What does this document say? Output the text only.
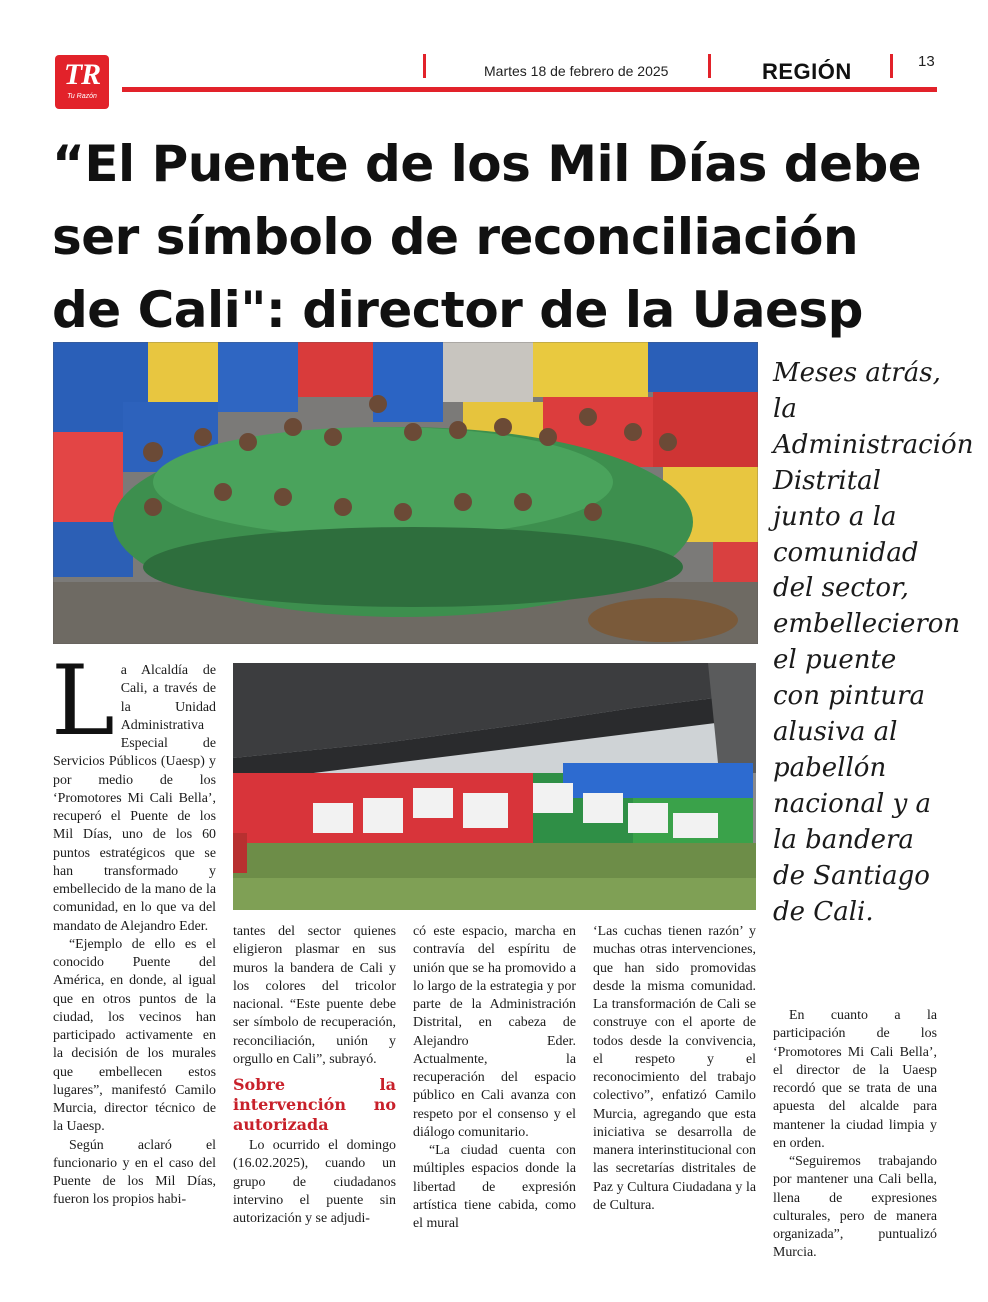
TR
Tu Razón
Martes 18 de febrero de 2025	REGIÓN	13
“El Puente de los Mil Días debe
ser símbolo de reconciliación
de Cali": director de la Uaesp

Meses atrás, la Administración Distrital junto a la comunidad del sector, embellecieron el puente con pintura alusiva al pabellón nacional y a la bandera de Santiago de Cali.

La Alcaldía de Cali, a través de la Unidad Administrativa Especial de Servicios Públicos (Uaesp) y por medio de los ‘Promotores Mi Cali Bella’, recuperó el Puente de los Mil Días, uno de los 60 puntos estratégicos que se han transformado y embellecido de la mano de la comunidad, en lo que va del mandato de Alejandro Eder.

“Ejemplo de ello es el conocido Puente del América, en donde, al igual que en otros puntos de la ciudad, los vecinos han participado activamente en la decisión de los murales que embellecen estos lugares”, manifestó Camilo Murcia, director técnico de la Uaesp.

Según aclaró el funcionario y en el caso del Puente de los Mil Días, fueron los propios habi-

tantes del sector quienes eligieron plasmar en sus muros la bandera de Cali y los colores del tricolor nacional. “Este puente debe ser símbolo de recuperación, reconciliación, unión y orgullo en Cali”, subrayó.

Sobre la intervención no autorizada

Lo ocurrido el domingo (16.02.2025), cuando un grupo de ciudadanos intervino el puente sin autorización y se adjudi-

có este espacio, marcha en contravía del espíritu de unión que se ha promovido a lo largo de la estrategia y por parte de la Administración Distrital, en cabeza de Alejandro Eder. Actualmente, la recuperación del espacio público en Cali avanza con respeto por el consenso y el diálogo comunitario.

“La ciudad cuenta con múltiples espacios donde la libertad de expresión artística tiene cabida, como el mural

‘Las cuchas tienen razón’ y muchas otras intervenciones, que han sido promovidas desde la misma comunidad. La transformación de Cali se construye con el aporte de todos desde la convivencia, el respeto y el reconocimiento del trabajo colectivo”, enfatizó Camilo Murcia, agregando que esta iniciativa se desarrolla de manera interinstitucional con las secretarías distritales de Paz y Cultura Ciudadana y la de Cultura.

En cuanto a la participación de los ‘Promotores Mi Cali Bella’, el director de la Uaesp recordó que se trata de una apuesta del alcalde para mantener la ciudad limpia y en orden.

“Seguiremos trabajando por mantener una Cali bella, llena de expresiones culturales, pero de manera organizada”, puntualizó Murcia.
